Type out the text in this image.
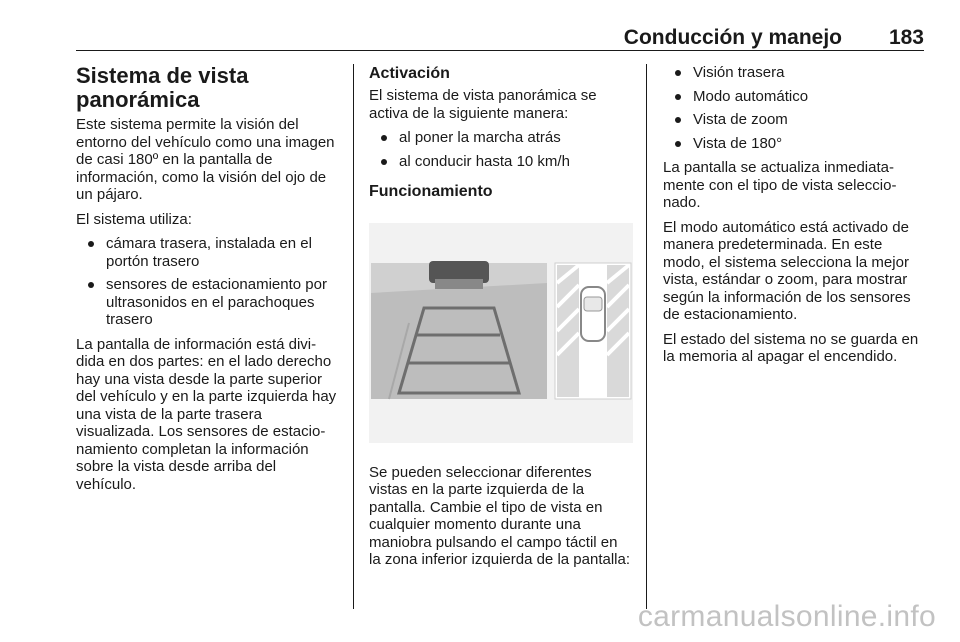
Conducción y manejo 183
Sistema de vista panorámica

Este sistema permite la visión del entorno del vehículo como una imagen de casi 180º en la pantalla de información, como la visión del ojo de un pájaro.

El sistema utiliza:

cámara trasera, instalada en el portón trasero
sensores de estacionamiento por ultrasonidos en el parachoques trasero

La pantalla de información está dividida en dos partes: en el lado derecho hay una vista desde la parte superior del vehículo y en la parte izquierda hay una vista de la parte trasera visualizada. Los sensores de estacionamiento completan la información sobre la vista desde arriba del vehículo.

Activación

El sistema de vista panorámica se activa de la siguiente manera:

al poner la marcha atrás
al conducir hasta 10 km/h
Funcionamiento

Se pueden seleccionar diferentes vistas en la parte izquierda de la pantalla. Cambie el tipo de vista en cualquier momento durante una maniobra pulsando el campo táctil en la zona inferior izquierda de la pantalla:

Visión trasera
Modo automático
Vista de zoom
Vista de 180°

La pantalla se actualiza inmediatamente con el tipo de vista seleccionado.

El modo automático está activado de manera predeterminada. En este modo, el sistema selecciona la mejor vista, estándar o zoom, para mostrar según la información de los sensores de estacionamiento.

El estado del sistema no se guarda en la memoria al apagar el encendido.

carmanualsonline.info
